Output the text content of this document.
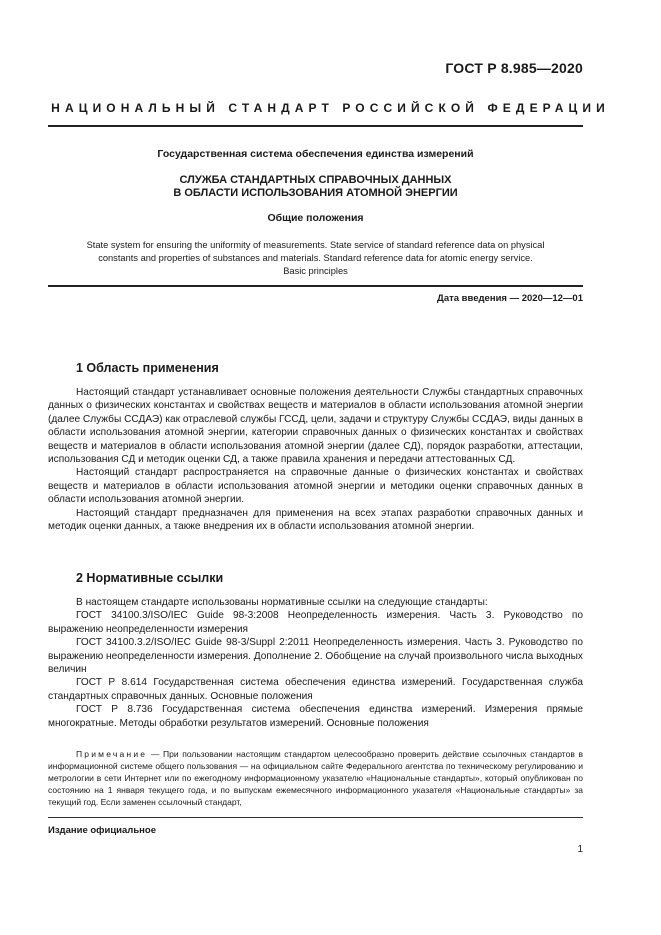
ГОСТ Р 8.985—2020
НАЦИОНАЛЬНЫЙ СТАНДАРТ РОССИЙСКОЙ ФЕДЕРАЦИИ
Государственная система обеспечения единства измерений
СЛУЖБА СТАНДАРТНЫХ СПРАВОЧНЫХ ДАННЫХ
В ОБЛАСТИ ИСПОЛЬЗОВАНИЯ АТОМНОЙ ЭНЕРГИИ
Общие положения
State system for ensuring the uniformity of measurements. State service of standard reference data on physical
constants and properties of substances and materials. Standard reference data for atomic energy service.
Basic principles
Дата введения — 2020—12—01
1 Область применения

Настоящий стандарт устанавливает основные положения деятельности Службы стандартных справочных данных о физических константах и свойствах веществ и материалов в области использования атомной энергии (далее Службы ССДАЭ) как отраслевой службы ГССД, цели, задачи и структуру Службы ССДАЭ, виды данных в области использования атомной энергии, категории справочных данных о физических константах и свойствах веществ и материалов в области использования атомной энергии (далее СД), порядок разработки, аттестации, использования СД и методик оценки СД, а также правила хранения и передачи аттестованных СД.

Настоящий стандарт распространяется на справочные данные о физических константах и свойствах веществ и материалов в области использования атомной энергии и методики оценки справочных данных в области использования атомной энергии.

Настоящий стандарт предназначен для применения на всех этапах разработки справочных данных и методик оценки данных, а также внедрения их в области использования атомной энергии.

2 Нормативные ссылки

В настоящем стандарте использованы нормативные ссылки на следующие стандарты:

ГОСТ 34100.3/ISO/IEC Guide 98-3:2008 Неопределенность измерения. Часть 3. Руководство по выражению неопределенности измерения

ГОСТ 34100.3.2/ISO/IEC Guide 98-3/Suppl 2:2011 Неопределенность измерения. Часть 3. Руководство по выражению неопределенности измерения. Дополнение 2. Обобщение на случай произвольного числа выходных величин

ГОСТ Р 8.614 Государственная система обеспечения единства измерений. Государственная служба стандартных справочных данных. Основные положения

ГОСТ Р 8.736 Государственная система обеспечения единства измерений. Измерения прямые многократные. Методы обработки результатов измерений. Основные положения

Примечание — При пользовании настоящим стандартом целесообразно проверить действие ссылочных стандартов в информационной системе общего пользования — на официальном сайте Федерального агентства по техническому регулированию и метрологии в сети Интернет или по ежегодному информационному указателю «Национальные стандарты», который опубликован по состоянию на 1 января текущего года, и по выпускам ежемесячного информационного указателя «Национальные стандарты» за текущий год. Если заменен ссылочный стандарт,

Издание официальное
1
